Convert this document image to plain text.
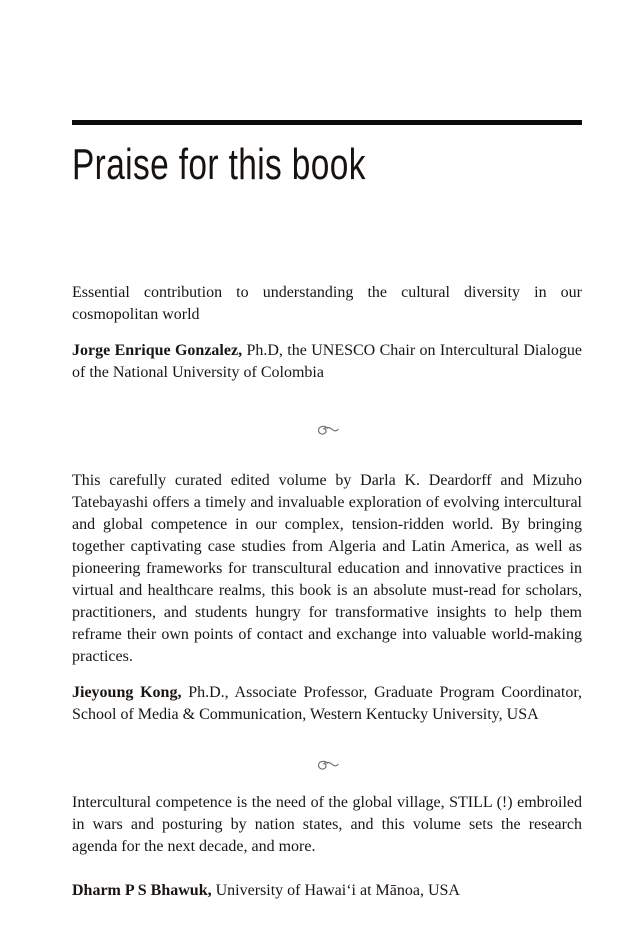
Praise for this book

Essential contribution to understanding the cultural diversity in our cosmopolitan world

Jorge Enrique Gonzalez, Ph.D, the UNESCO Chair on Intercultural Dialogue of the National University of Colombia

This carefully curated edited volume by Darla K. Deardorff and Mizuho Tatebayashi offers a timely and invaluable exploration of evolving intercultural and global competence in our complex, tension-ridden world. By bringing together captivating case studies from Algeria and Latin America, as well as pioneering frameworks for transcultural education and innovative practices in virtual and healthcare realms, this book is an absolute must-read for scholars, practitioners, and students hungry for transformative insights to help them reframe their own points of contact and exchange into valuable world-making practices.

Jieyoung Kong, Ph.D., Associate Professor, Graduate Program Coordinator, School of Media & Communication, Western Kentucky University, USA

Intercultural competence is the need of the global village, STILL (!) embroiled in wars and posturing by nation states, and this volume sets the research agenda for the next decade, and more.

Dharm P S Bhawuk, University of Hawai‘i at Mānoa, USA
